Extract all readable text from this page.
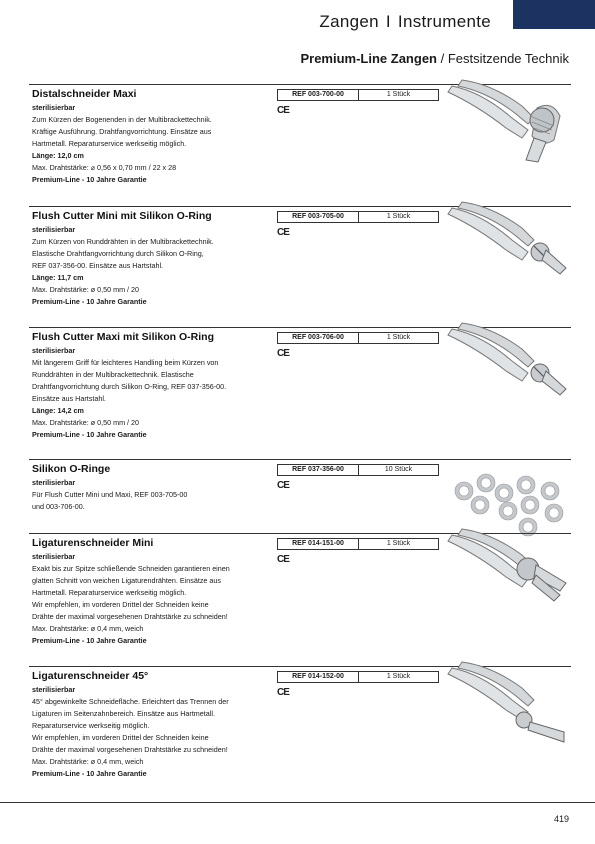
Zangen I Instrumente
Premium-Line Zangen / Festsitzende Technik
Distalschneider Maxi
sterilisierbar
Zum Kürzen der Bogenenden in der Multibrackettechnik.
Kräftige Ausführung. Drahtfangvorrichtung. Einsätze aus
Hartmetall. Reparaturservice werkseitig möglich.
Länge: 12,0 cm
Max. Drahtstärke: ⌀ 0,56 x 0,70 mm / 22 x 28
Premium-Line - 10 Jahre Garantie
REF 003-700-00	1 Stück
CE
Flush Cutter Mini mit Silikon O-Ring
sterilisierbar
Zum Kürzen von Runddrähten in der Multibrackettechnik.
Elastische Drahtfangvorrichtung durch Silikon O-Ring,
REF 037-356-00. Einsätze aus Hartstahl.
Länge: 11,7 cm
Max. Drahtstärke: ø 0,50 mm / 20
Premium-Line - 10 Jahre Garantie
REF 003-705-00	1 Stück
CE
Flush Cutter Maxi mit Silikon O-Ring
sterilisierbar
Mit längerem Griff für leichteres Handling beim Kürzen von
Runddrähten in der Multibrackettechnik. Elastische
Drahtfangvorrichtung durch Silikon O-Ring, REF 037-356-00.
Einsätze aus Hartstahl.
Länge: 14,2 cm
Max. Drahtstärke: ø 0,50 mm / 20
Premium-Line - 10 Jahre Garantie
REF 003-706-00	1 Stück
CE
Silikon O-Ringe
sterilisierbar
Für Flush Cutter Mini und Maxi, REF 003-705-00
und 003-706-00.
REF 037-356-00	10 Stück
CE
Ligaturenschneider Mini
sterilisierbar
Exakt bis zur Spitze schließende Schneiden garantieren einen
glatten Schnitt von weichen Ligaturendrähten. Einsätze aus
Hartmetall. Reparaturservice werkseitig möglich.
Wir empfehlen, im vorderen Drittel der Schneiden keine
Drähte der maximal vorgesehenen Drahtstärke zu schneiden!
Max. Drahtstärke: ø 0,4 mm, weich
Premium-Line - 10 Jahre Garantie
REF 014-151-00	1 Stück
CE
Ligaturenschneider 45°
sterilisierbar
45° abgewinkelte Schneidefläche. Erleichtert das Trennen der
Ligaturen im Seitenzahnbereich. Einsätze aus Hartmetall.
Reparaturservice werkseitig möglich.
Wir empfehlen, im vorderen Drittel der Schneiden keine
Drähte der maximal vorgesehenen Drahtstärke zu schneiden!
Max. Drahtstärke: ø 0,4 mm, weich
Premium-Line - 10 Jahre Garantie
REF 014-152-00	1 Stück
CE
419
